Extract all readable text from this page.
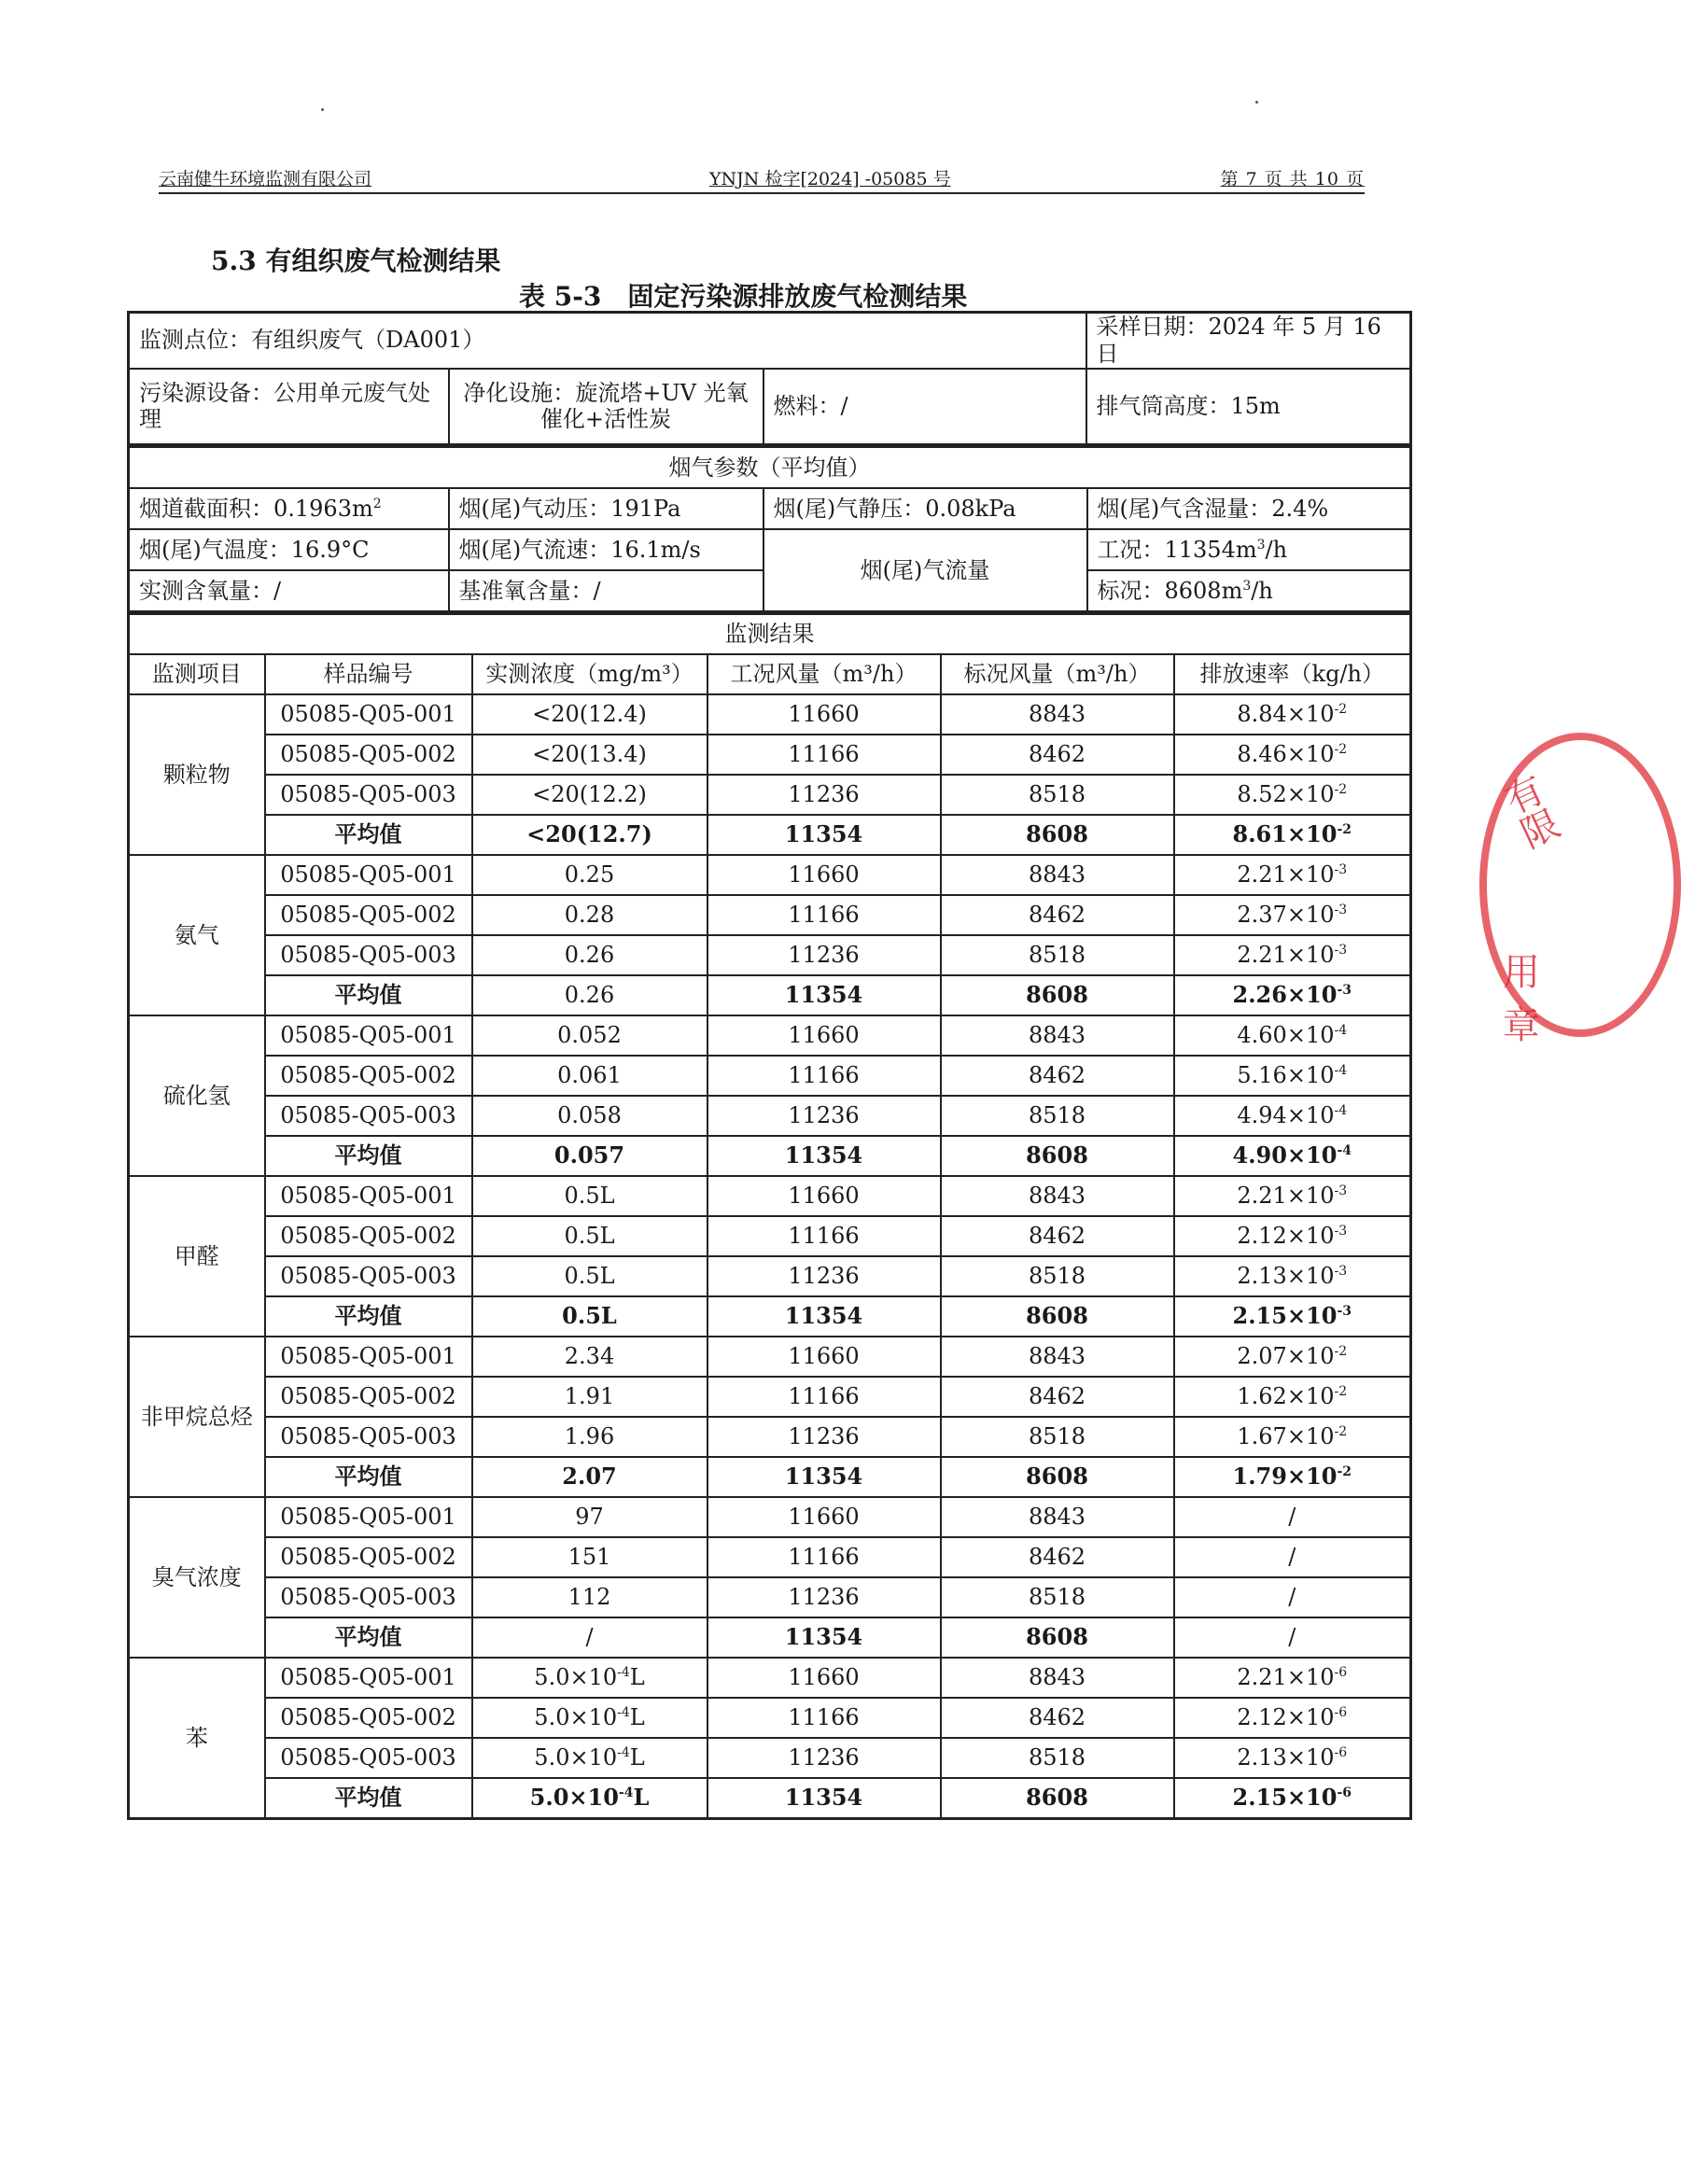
云南健牛环境监测有限公司	YNJN 检字[2024] -05085 号	第 7 页 共 10 页
5.3 有组织废气检测结果
表 5-3　固定污染源排放废气检测结果
监测点位：有组织废气（DA001）			采样日期：2024 年 5 月 16 日
污染源设备：公用单元废气处理	净化设施：旋流塔+UV 光氧催化+活性炭	燃料：/	排气筒高度：15m
烟气参数（平均值）			
烟道截面积：$0.1963m^2$	烟(尾)气动压：191Pa	烟(尾)气静压：0.08kPa	烟(尾)气含湿量：2.4%
烟(尾)气温度：16.9°C	烟(尾)气流速：16.1m/s	烟(尾)气流量	工况：$11354m^3/h$
实测含氧量：/	基准氧含量：/		标况：$8608m^3/h$
监测结果					
监测项目	样品编号	实测浓度（mg/m³）	工况风量（m³/h）	标况风量（m³/h）	排放速率（kg/h）
颗粒物	05085-Q05-001	<20(12.4)	11660	8843	$8.84\times 10^{-2}$
	05085-Q05-002	<20(13.4)	11166	8462	$8.46\times 10^{-2}$
	05085-Q05-003	<20(12.2)	11236	8518	$8.52\times 10^{-2}$
	平均值	<20(12.7)	11354	8608	$8.61\times 10^{-2}$
氨气	05085-Q05-001	0.25	11660	8843	$2.21\times 10^{-3}$
	05085-Q05-002	0.28	11166	8462	$2.37\times 10^{-3}$
	05085-Q05-003	0.26	11236	8518	$2.21\times 10^{-3}$
	平均值	0.26	11354	8608	$2.26\times 10^{-3}$
硫化氢	05085-Q05-001	0.052	11660	8843	$4.60\times 10^{-4}$
	05085-Q05-002	0.061	11166	8462	$5.16\times 10^{-4}$
	05085-Q05-003	0.058	11236	8518	$4.94\times 10^{-4}$
	平均值	0.057	11354	8608	$4.90\times 10^{-4}$
甲醛	05085-Q05-001	0.5L	11660	8843	$2.21\times 10^{-3}$
	05085-Q05-002	0.5L	11166	8462	$2.12\times 10^{-3}$
	05085-Q05-003	0.5L	11236	8518	$2.13\times 10^{-3}$
	平均值	0.5L	11354	8608	$2.15\times 10^{-3}$
非甲烷总烃	05085-Q05-001	2.34	11660	8843	$2.07\times 10^{-2}$
	05085-Q05-002	1.91	11166	8462	$1.62\times 10^{-2}$
	05085-Q05-003	1.96	11236	8518	$1.67\times 10^{-2}$
	平均值	2.07	11354	8608	$1.79\times 10^{-2}$
臭气浓度	05085-Q05-001	97	11660	8843	/
	05085-Q05-002	151	11166	8462	/
	05085-Q05-003	112	11236	8518	/
	平均值	/	11354	8608	/
苯	05085-Q05-001	$5.0\times 10^{-4}L$	11660	8843	$2.21\times 10^{-6}$
	05085-Q05-002	$5.0\times 10^{-4}L$	11166	8462	$2.12\times 10^{-6}$
	05085-Q05-003	$5.0\times 10^{-4}L$	11236	8518	$2.13\times 10^{-6}$
	平均值	$5.0\times 10^{-4}L$	11354	8608	$2.15\times 10^{-6}$
有限
用章
